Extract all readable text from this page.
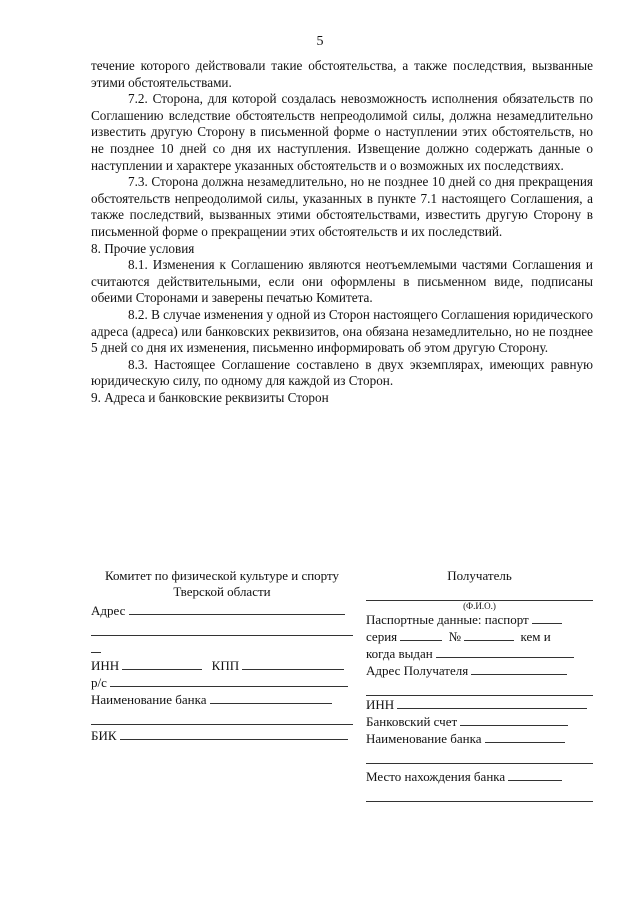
5

течение которого действовали такие обстоятельства, а также последствия, вызванные этими обстоятельствами.

7.2. Сторона, для которой создалась невозможность исполнения обязательств по Соглашению вследствие обстоятельств непреодолимой силы, должна незамедлительно известить другую Сторону в письменной форме о наступлении этих обстоятельств, но не позднее 10 дней со дня их наступления. Извещение должно содержать данные о наступлении и характере указанных обстоятельств и о возможных их последствиях.

7.3. Сторона должна незамедлительно, но не позднее 10 дней со дня прекращения обстоятельств непреодолимой силы, указанных в пункте 7.1 настоящего Соглашения, а также последствий, вызванных этими обстоятельствами, известить другую Сторону в письменной форме о прекращении этих обстоятельств и их последствий.

8. Прочие условия

8.1. Изменения к Соглашению являются неотъемлемыми частями Соглашения и считаются действительными, если они оформлены в письменном виде, подписаны обеими Сторонами и заверены печатью Комитета.

8.2. В случае изменения у одной из Сторон настоящего Соглашения юридического адреса (адреса) или банковских реквизитов, она обязана незамедлительно, но не позднее 5 дней со дня их изменения, письменно информировать об этом другую Сторону.

8.3. Настоящее Соглашение составлено в двух экземплярах, имеющих равную юридическую силу, по одному для каждой из Сторон.

9. Адреса и банковские реквизиты Сторон

Комитет по физической культуре и спорту Тверской области
Адрес
ИНН	КПП
р/с
Наименование банка
БИК
Получатель
(Ф.И.О.)
Паспортные данные: паспорт
серия	№	кем и
когда выдан
Адрес Получателя
ИНН
Банковский счет
Наименование банка
Место нахождения банка
